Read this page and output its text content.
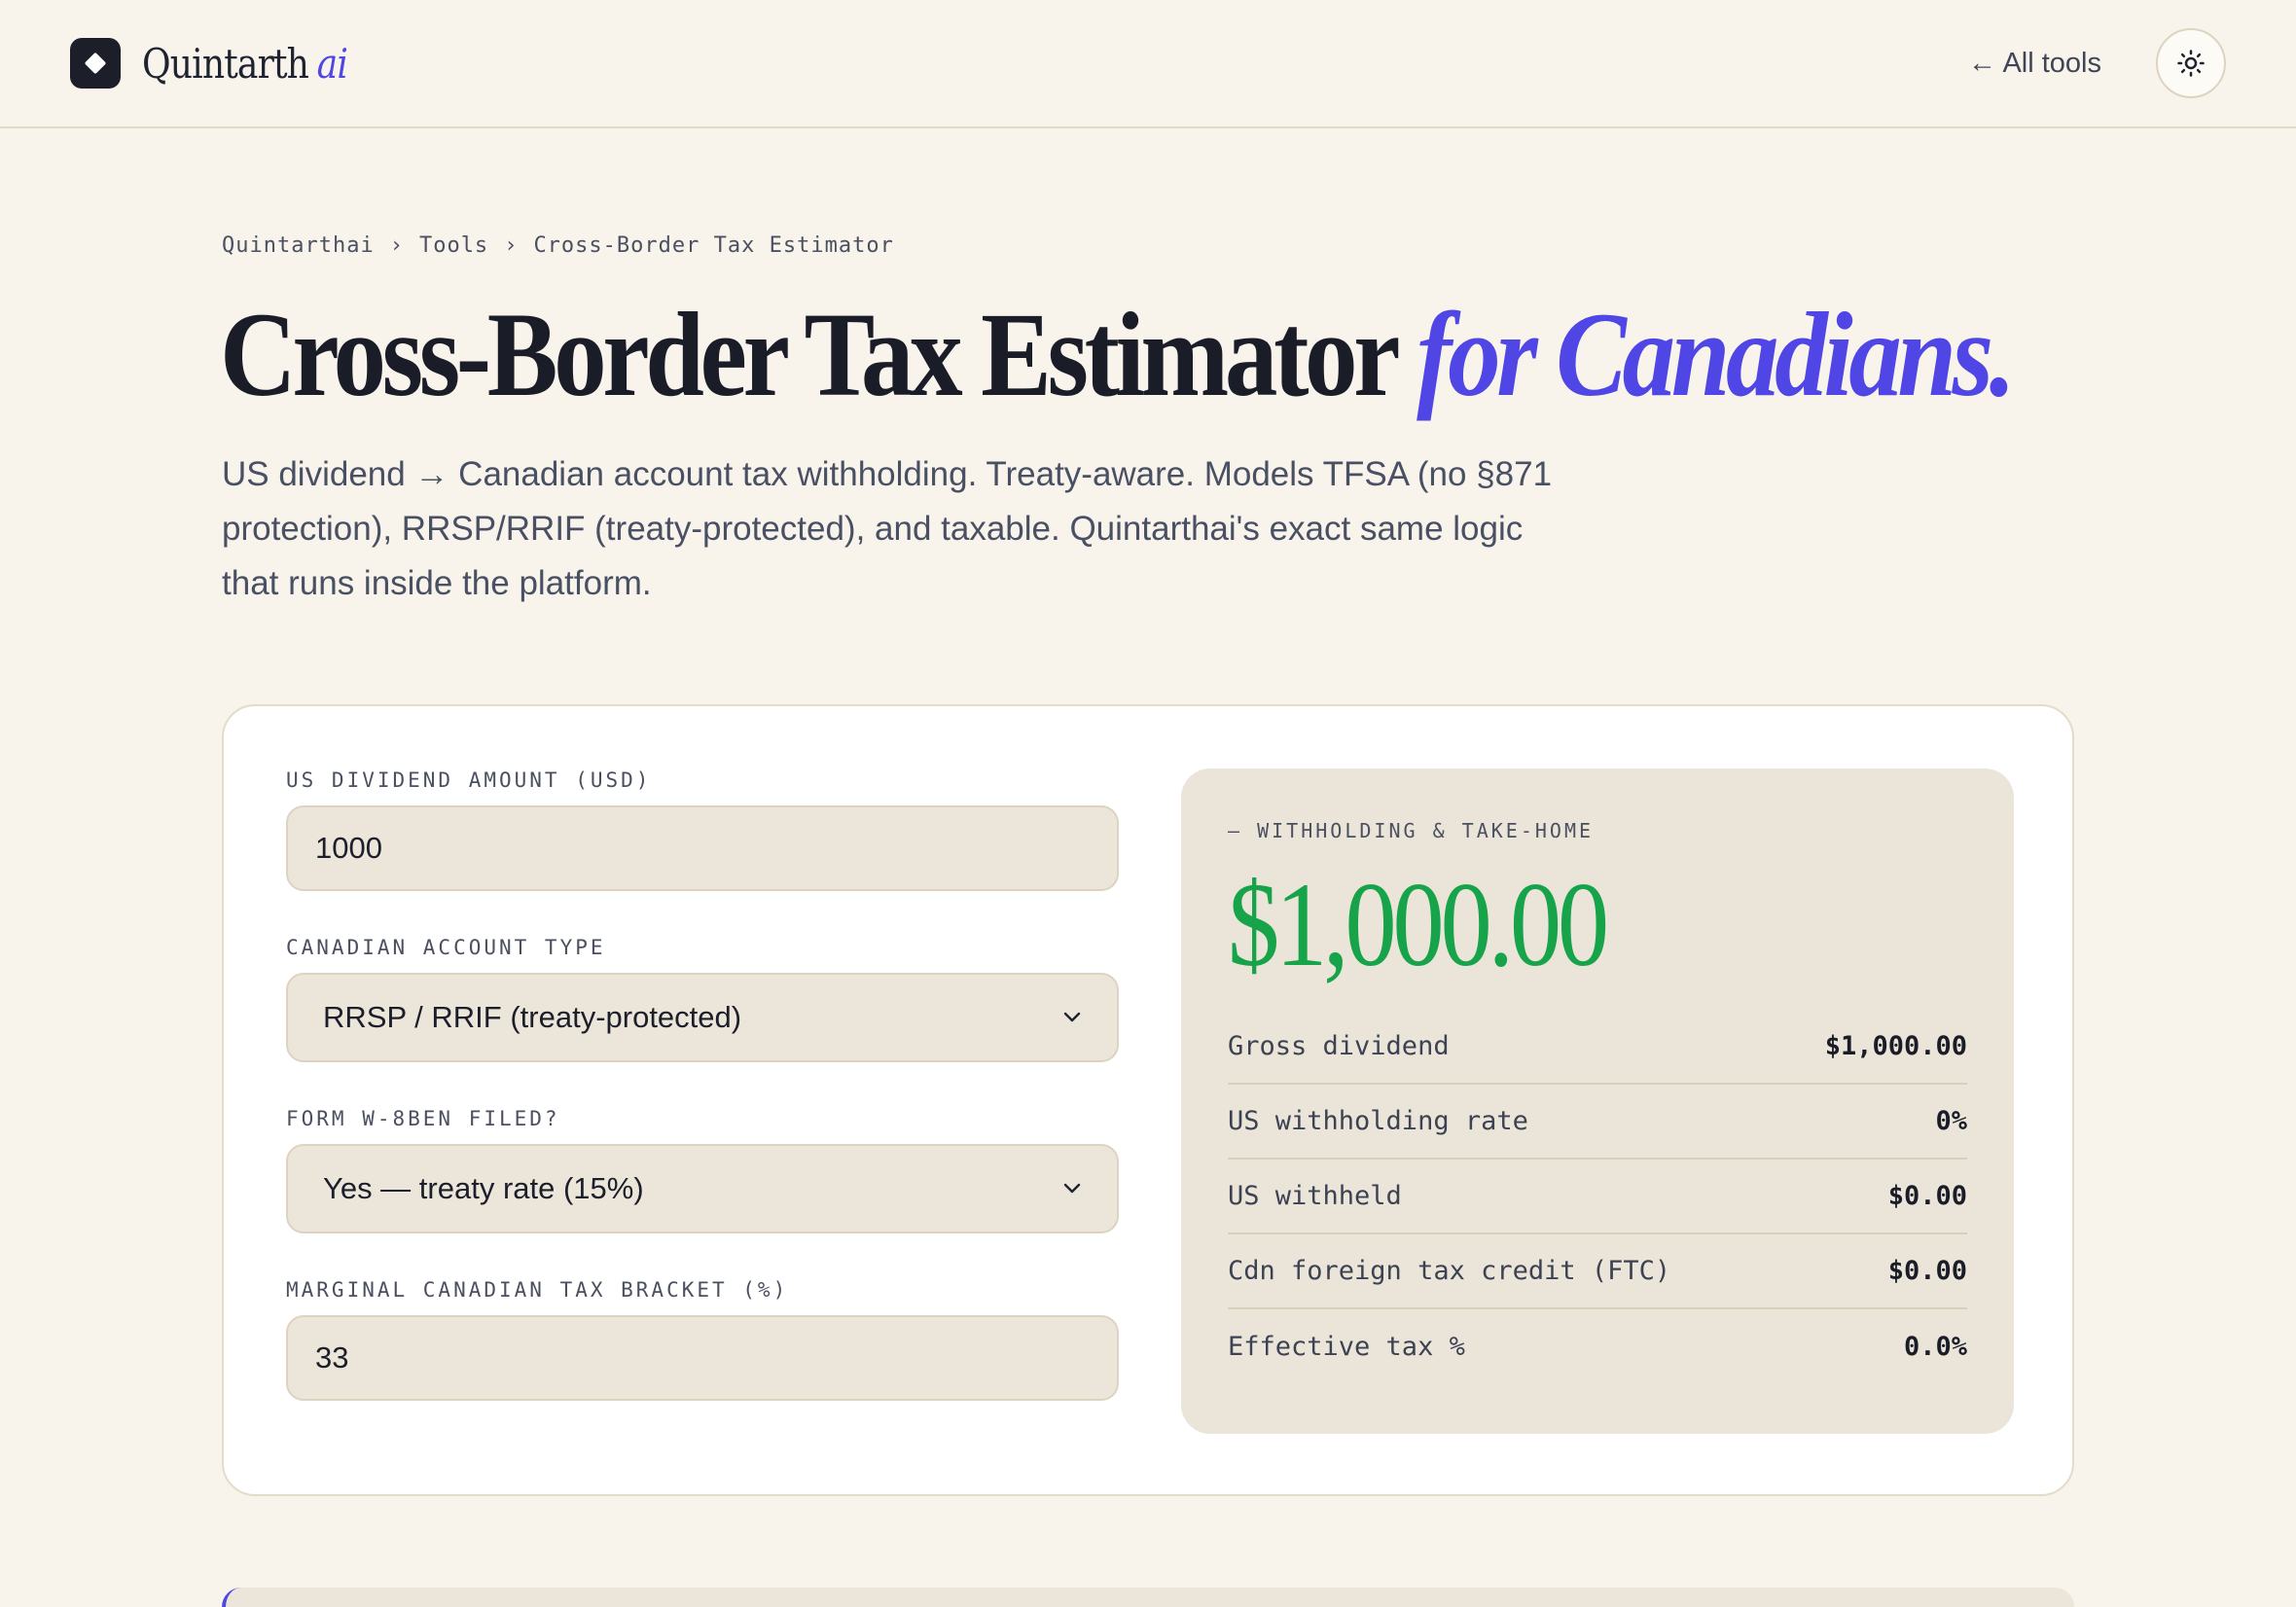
Quintarth ai	← All tools
Quintarthai › Tools › Cross-Border Tax Estimator
Cross-Border Tax Estimator for Canadians.

US dividend → Canadian account tax withholding. Treaty-aware. Models TFSA (no §871 protection), RRSP/RRIF (treaty-protected), and taxable. Quintarthai's exact same logic that runs inside the platform.

US DIVIDEND AMOUNT (USD)
1000
CANADIAN ACCOUNT TYPE
RRSP / RRIF (treaty-protected)
FORM W-8BEN FILED?
Yes — treaty rate (15%)
MARGINAL CANADIAN TAX BRACKET (%)
33
— WITHHOLDING & TAKE-HOME
$1,000.00
Gross dividend	$1,000.00
US withholding rate	0%
US withheld	$0.00
Cdn foreign tax credit (FTC)	$0.00
Effective tax %	0.0%
